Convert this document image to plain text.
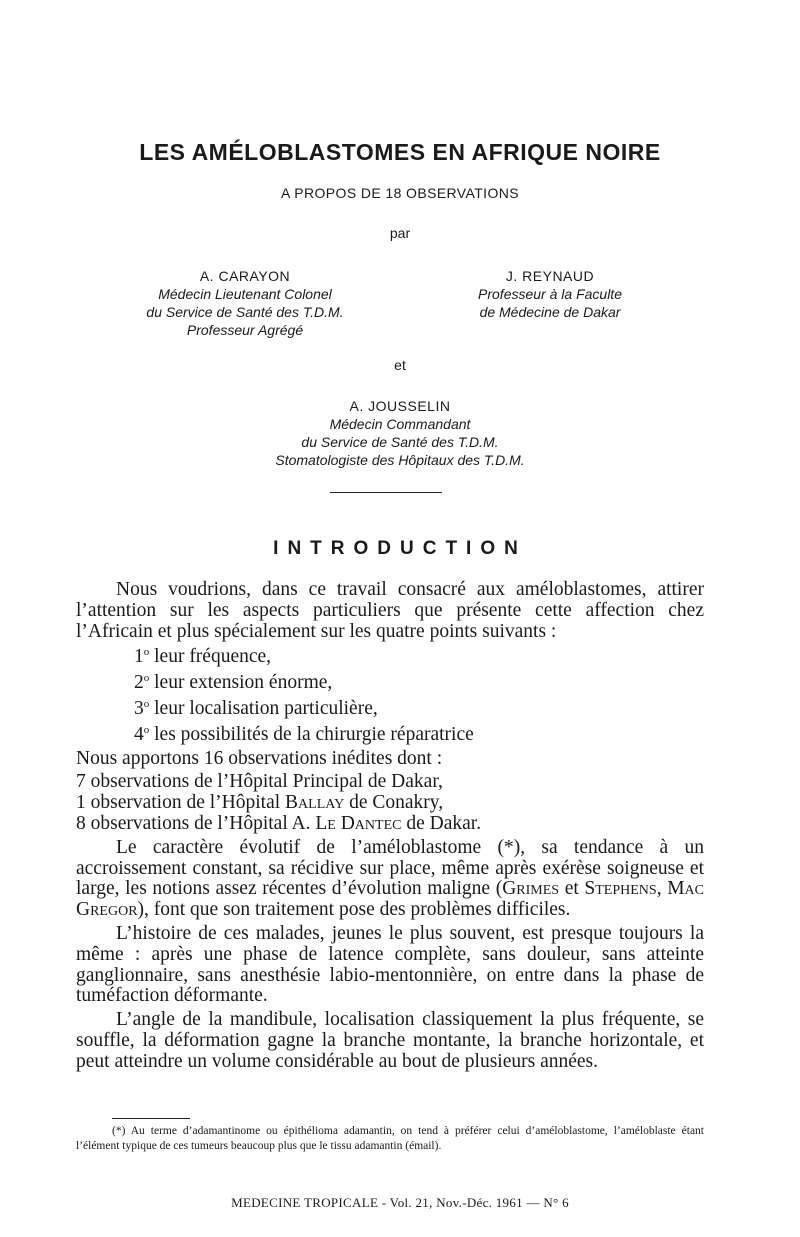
LES AMÉLOBLASTOMES EN AFRIQUE NOIRE
A PROPOS DE 18 OBSERVATIONS
par
A. CARAYON
Médecin Lieutenant Colonel
du Service de Santé des T.D.M.
Professeur Agrégé
J. REYNAUD
Professeur à la Faculte
de Médecine de Dakar
et
A. JOUSSELIN
Médecin Commandant
du Service de Santé des T.D.M.
Stomatologiste des Hôpitaux des T.D.M.
INTRODUCTION

Nous voudrions, dans ce travail consacré aux améloblastomes, attirer l’attention sur les aspects particuliers que présente cette affection chez l’Africain et plus spécialement sur les quatre points suivants :

1$^o$ leur fréquence,
2$^o$ leur extension énorme,
3$^o$ leur localisation particulière,
4$^o$ les possibilités de la chirurgie réparatrice

Nous apportons 16 observations inédites dont :

7 observations de l’Hôpital Principal de Dakar,
1 observation de l’Hôpital Ballay de Conakry,
8 observations de l’Hôpital A. Le Dantec de Dakar.

Le caractère évolutif de l’améloblastome (*), sa tendance à un accroissement constant, sa récidive sur place, même après exérèse soigneuse et large, les notions assez récentes d’évolution maligne (Grimes et Stephens, Mac Gregor), font que son traitement pose des problèmes difficiles.

L’histoire de ces malades, jeunes le plus souvent, est presque toujours la même : après une phase de latence complète, sans douleur, sans atteinte ganglionnaire, sans anesthésie labio-mentonnière, on entre dans la phase de tuméfaction déformante.

L’angle de la mandibule, localisation classiquement la plus fréquente, se souffle, la déformation gagne la branche montante, la branche horizontale, et peut atteindre un volume considérable au bout de plusieurs années.

(*) Au terme d’adamantinome ou épithélioma adamantin, on tend à préférer celui d’améloblastome, l’améloblaste étant l’élément typique de ces tumeurs beaucoup plus que le tissu adamantin (émail).
MEDECINE TROPICALE - Vol. 21, Nov.-Déc. 1961 — N° 6
